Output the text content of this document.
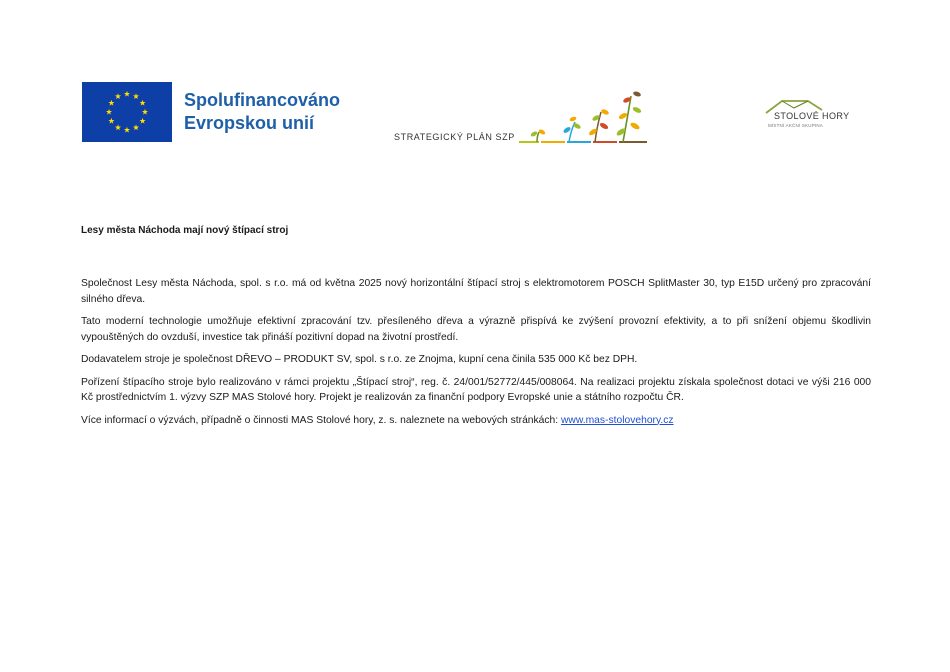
Spolufinancováno
Evropskou unií
STRATEGICKÝ PLÁN SZP
STOLOVÉ HORY
MÍSTNÍ AKČNÍ SKUPINA

Lesy města Náchoda mají nový štípací stroj

Společnost Lesy města Náchoda, spol. s r.o. má od května 2025 nový horizontální štípací stroj s elektromotorem POSCH SplitMaster 30, typ E15D určený pro zpracování silného dřeva.

Tato moderní technologie umožňuje efektivní zpracování tzv. přesíleného dřeva a výrazně přispívá ke zvýšení provozní efektivity, a to při snížení objemu škodlivin vypouštěných do ovzduší, investice tak přináší pozitivní dopad na životní prostředí.

Dodavatelem stroje je společnost DŘEVO – PRODUKT SV, spol. s r.o. ze Znojma, kupní cena činila 535 000 Kč bez DPH.

Pořízení štípacího stroje bylo realizováno v rámci projektu „Štípací stroj“, reg. č. 24/001/52772/445/008064. Na realizaci projektu získala společnost dotaci ve výši 216 000 Kč prostřednictvím 1. výzvy SZP MAS Stolové hory. Projekt je realizován za finanční podpory Evropské unie a státního rozpočtu ČR.

Více informací o výzvách, případně o činnosti MAS Stolové hory, z. s. naleznete na webových stránkách: www.mas-stolovehory.cz
